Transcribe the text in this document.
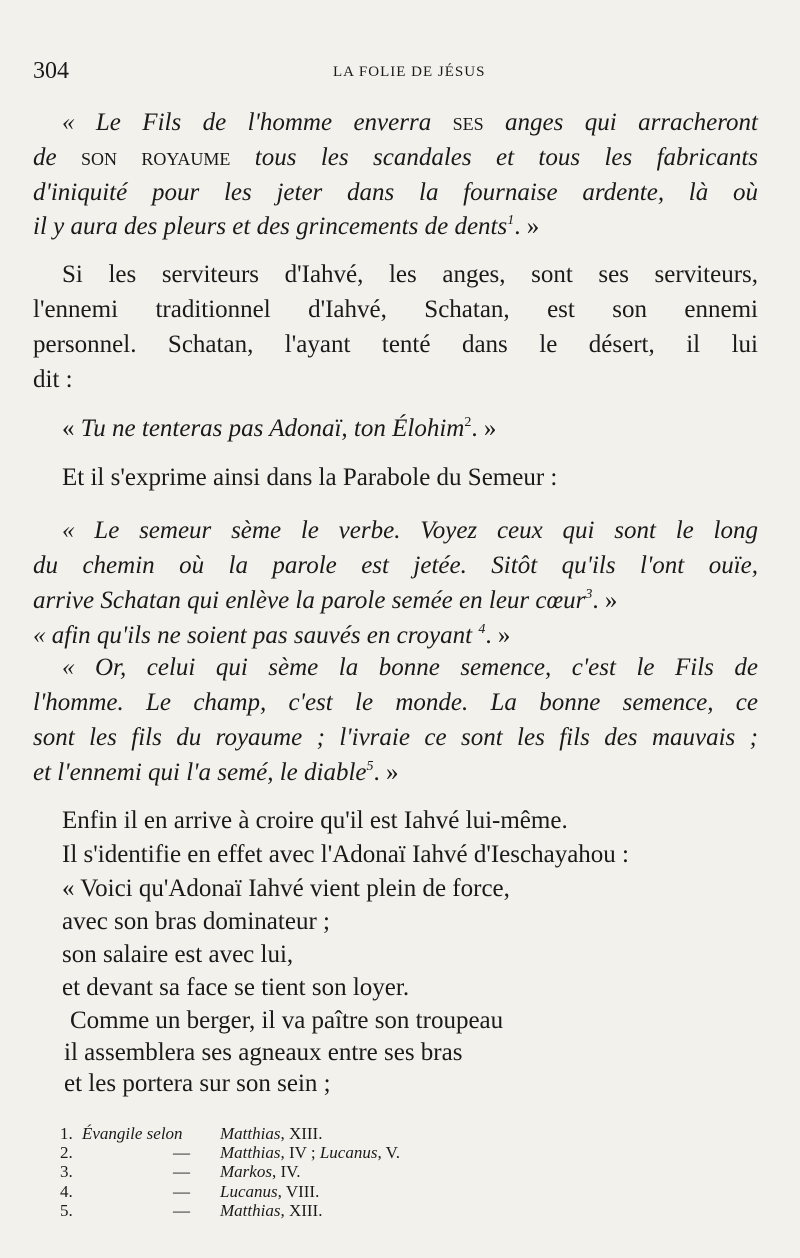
304	LA FOLIE DE JÉSUS
« Le Fils de l'homme enverra ses anges qui arracheront
de son royaume tous les scandales et tous les fabricants
d'iniquité pour les jeter dans la fournaise ardente, là où
il y aura des pleurs et des grincements de dents$^1$. »
Si les serviteurs d'Iahvé, les anges, sont ses serviteurs,
l'ennemi traditionnel d'Iahvé, Schatan, est son ennemi
personnel. Schatan, l'ayant tenté dans le désert, il lui
dit :
« Tu ne tenteras pas Adonaï, ton Élohim$^2$. »
Et il s'exprime ainsi dans la Parabole du Semeur :
« Le semeur sème le verbe. Voyez ceux qui sont le long
du chemin où la parole est jetée. Sitôt qu'ils l'ont ouïe,
arrive Schatan qui enlève la parole semée en leur cœur$^3$. »
« afin qu'ils ne soient pas sauvés en croyant $^4$. »
« Or, celui qui sème la bonne semence, c'est le Fils de
l'homme. Le champ, c'est le monde. La bonne semence, ce
sont les fils du royaume ; l'ivraie ce sont les fils des mauvais ;
et l'ennemi qui l'a semé, le diable$^5$. »
Enfin il en arrive à croire qu'il est Iahvé lui-même.
Il s'identifie en effet avec l'Adonaï Iahvé d'Ieschayahou :
« Voici qu'Adonaï Iahvé vient plein de force,
avec son bras dominateur ;
son salaire est avec lui,
et devant sa face se tient son loyer.
Comme un berger, il va paître son troupeau
il assemblera ses agneaux entre ses bras
et les portera sur son sein ;
1. Évangile selon Matthias, XIII.
2.	— Matthias, IV ; Lucanus, V.
3.	— Markos, IV.
4.	— Lucanus, VIII.
5.	— Matthias, XIII.
